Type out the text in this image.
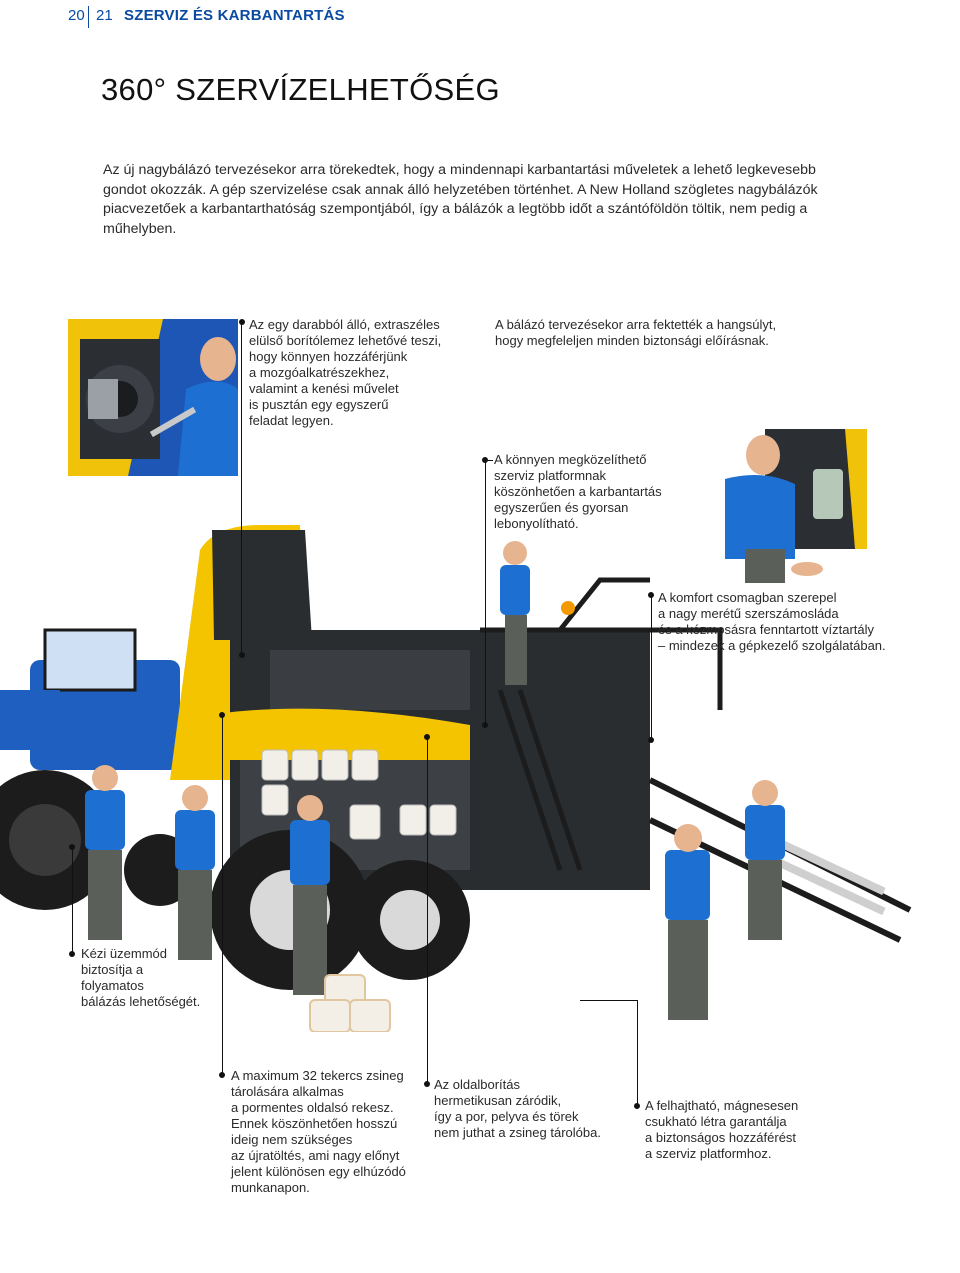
20 21 SZERVIZ ÉS KARBANTARTÁS
360° SZERVÍZELHETŐSÉG

Az új nagybálázó tervezésekor arra törekedtek, hogy a mindennapi karbantartási műveletek a lehető legkevesebb gondot okozzák. A gép szervizelése csak annak álló helyzetében történhet. A New Holland szögletes nagybálázók piacvezetőek a karbantarthatóság szempontjából, így a bálázók a legtöbb időt a szántóföldön töltik, nem pedig a műhelyben.

Az egy darabból álló, extraszéles
elülső borítólemez lehetővé teszi,
hogy könnyen hozzáférjünk
a mozgóalkatrészekhez,
valamint a kenési művelet
is pusztán egy egyszerű
feladat legyen.
A bálázó tervezésekor arra fektették a hangsúlyt,
hogy megfeleljen minden biztonsági előírásnak.
A könnyen megközelíthető
szerviz platformnak
köszönhetően a karbantartás
egyszerűen és gyorsan
lebonyolítható.
A komfort csomagban szerepel
a nagy merétű szerszámosláda
és a kézmosásra fenntartott víztartály
– mindezek a gépkezelő szolgálatában.
Kézi üzemmód
biztosítja a
folyamatos
bálázás lehetőségét.
A maximum 32 tekercs zsineg
tárolására alkalmas
a pormentes oldalsó rekesz.
Ennek köszönhetően hosszú
ideig nem szükséges
az újratöltés, ami nagy előnyt
jelent különösen egy elhúzódó
munkanapon.
Az oldalborítás
hermetikusan záródik,
így a por, pelyva és törek
nem juthat a zsineg tárolóba.
A felhajtható, mágnesesen
csukható létra garantálja
a biztonságos hozzáférést
a szerviz platformhoz.
